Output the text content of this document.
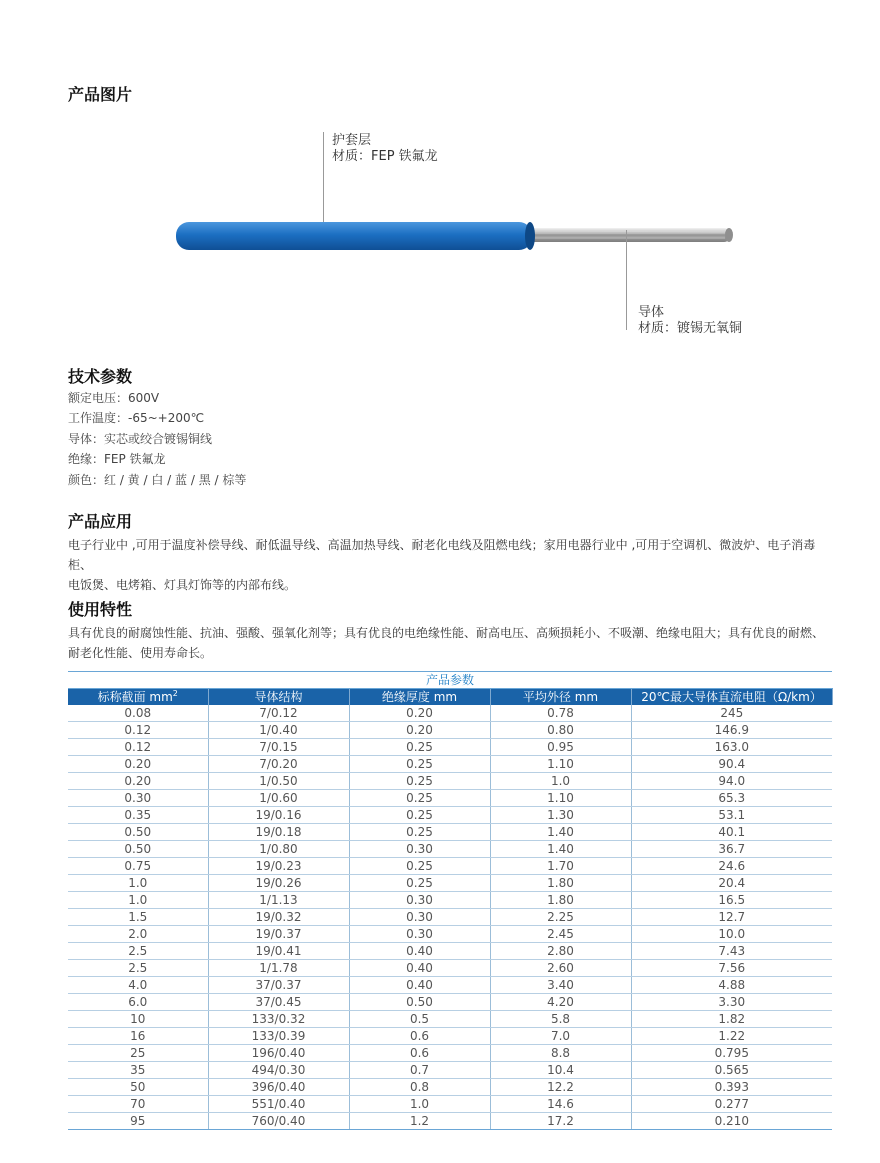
产品图片
护套层
材质：FEP 铁氟龙
导体
材质：镀锡无氧铜
技术参数
额定电压：600V
工作温度：-65~+200℃
导体：实芯或绞合镀锡铜线
绝缘：FEP 铁氟龙
颜色：红 / 黄 / 白 / 蓝 / 黑 / 棕等
产品应用
电子行业中 ,可用于温度补偿导线、耐低温导线、高温加热导线、耐老化电线及阻燃电线；家用电器行业中 ,可用于空调机、微波炉、电子消毒柜、
电饭煲、电烤箱、灯具灯饰等的内部布线。
使用特性
具有优良的耐腐蚀性能、抗油、强酸、强氧化剂等；具有优良的电绝缘性能、耐高电压、高频损耗小、不吸潮、绝缘电阻大；具有优良的耐燃、
耐老化性能、使用寿命长。
产品参数				
标称截面 $mm^2$	导体结构	绝缘厚度 mm	平均外径 mm	20℃最大导体直流电阻（Ω/km）
0.08	7/0.12	0.20	0.78	245
0.12	1/0.40	0.20	0.80	146.9
0.12	7/0.15	0.25	0.95	163.0
0.20	7/0.20	0.25	1.10	90.4
0.20	1/0.50	0.25	1.0	94.0
0.30	1/0.60	0.25	1.10	65.3
0.35	19/0.16	0.25	1.30	53.1
0.50	19/0.18	0.25	1.40	40.1
0.50	1/0.80	0.30	1.40	36.7
0.75	19/0.23	0.25	1.70	24.6
1.0	19/0.26	0.25	1.80	20.4
1.0	1/1.13	0.30	1.80	16.5
1.5	19/0.32	0.30	2.25	12.7
2.0	19/0.37	0.30	2.45	10.0
2.5	19/0.41	0.40	2.80	7.43
2.5	1/1.78	0.40	2.60	7.56
4.0	37/0.37	0.40	3.40	4.88
6.0	37/0.45	0.50	4.20	3.30
10	133/0.32	0.5	5.8	1.82
16	133/0.39	0.6	7.0	1.22
25	196/0.40	0.6	8.8	0.795
35	494/0.30	0.7	10.4	0.565
50	396/0.40	0.8	12.2	0.393
70	551/0.40	1.0	14.6	0.277
95	760/0.40	1.2	17.2	0.210
